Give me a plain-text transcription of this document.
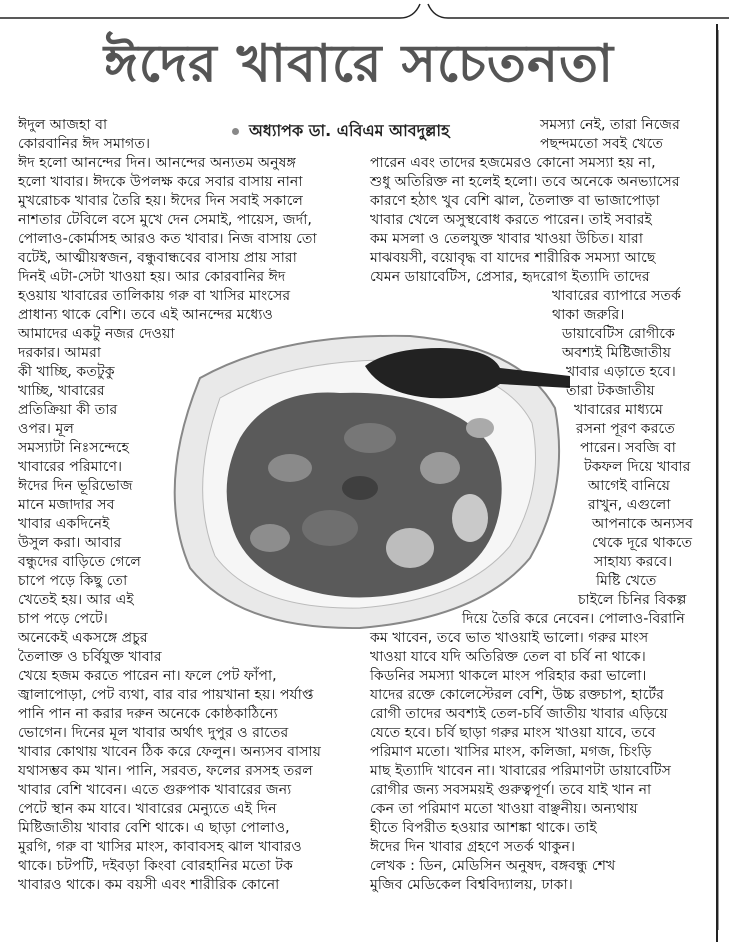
ঈদের খাবারে সচেতনতা
অধ্যাপক ডা. এবিএম আবদুল্লাহ
ঈদুল আজহা বা
কোরবানির ঈদ সমাগত।
ঈদ হলো আনন্দের দিন। আনন্দের অন্যতম অনুষঙ্গ
হলো খাবার। ঈদকে উপলক্ষ করে সবার বাসায় নানা
মুখরোচক খাবার তৈরি হয়। ঈদের দিন সবাই সকালে
নাশতার টেবিলে বসে মুখে দেন সেমাই, পায়েস, জর্দা,
পোলাও-কোর্মাসহ আরও কত খাবার। নিজ বাসায় তো
বটেই, আত্মীয়স্বজন, বন্ধুবান্ধবের বাসায় প্রায় সারা
দিনই এটা-সেটা খাওয়া হয়। আর কোরবানির ঈদ
হওয়ায় খাবারের তালিকায় গরু বা খাসির মাংসের
প্রাধান্য থাকে বেশি। তবে এই আনন্দের মধ্যেও
আমাদের একটু নজর দেওয়া
দরকার। আমরা
কী খাচ্ছি, কতটুকু
খাচ্ছি, খাবারের
প্রতিক্রিয়া কী তার
ওপর। মূল
সমস্যাটা নিঃসন্দেহে
খাবারের পরিমাণে।
ঈদের দিন ভূরিভোজ
মানে মজাদার সব
খাবার একদিনেই
উসুল করা। আবার
বন্ধুদের বাড়িতে গেলে
চাপে পড়ে কিছু তো
খেতেই হয়। আর এই
চাপ পড়ে পেটে।
অনেকেই একসঙ্গে প্রচুর
তৈলাক্ত ও চর্বিযুক্ত খাবার
খেয়ে হজম করতে পারেন না। ফলে পেট ফাঁপা,
জ্বালাপোড়া, পেট ব্যথা, বার বার পায়খানা হয়। পর্যাপ্ত
পানি পান না করার দরুন অনেকে কোষ্ঠকাঠিন্যে
ভোগেন। দিনের মূল খাবার অর্থাৎ দুপুর ও রাতের
খাবার কোথায় খাবেন ঠিক করে ফেলুন। অন্যসব বাসায়
যথাসম্ভব কম খান। পানি, সরবত, ফলের রসসহ তরল
খাবার বেশি খাবেন। এতে গুরুপাক খাবারের জন্য
পেটে স্থান কম যাবে। খাবারের মেন্যুতে এই দিন
মিষ্টিজাতীয় খাবার বেশি থাকে। এ ছাড়া পোলাও,
মুরগি, গরু বা খাসির মাংস, কাবাবসহ ঝাল খাবারও
থাকে। চটপটি, দইবড়া কিংবা বোরহানির মতো টক
খাবারও থাকে। কম বয়সী এবং শারীরিক কোনো
সমস্যা নেই, তারা নিজের
পছন্দমতো সবই খেতে
পারেন এবং তাদের হজমেরও কোনো সমস্যা হয় না,
শুধু অতিরিক্ত না হলেই হলো। তবে অনেকে অনভ্যাসের
কারণে হঠাৎ খুব বেশি ঝাল, তৈলাক্ত বা ভাজাপোড়া
খাবার খেলে অসুস্থবোধ করতে পারেন। তাই সবারই
কম মসলা ও তেলযুক্ত খাবার খাওয়া উচিত। যারা
মাঝবয়সী, বয়োবৃদ্ধ বা যাদের শারীরিক সমস্যা আছে
যেমন ডায়াবেটিস, প্রেসার, হৃদরোগ ইত্যাদি তাদের
খাবারের ব্যাপারে সতর্ক
থাকা জরুরি।
ডায়াবেটিস রোগীকে
অবশ্যই মিষ্টিজাতীয়
খাবার এড়াতে হবে।
তারা টকজাতীয়
খাবারের মাধ্যমে
রসনা পূরণ করতে
পারেন। সবজি বা
টকফল দিয়ে খাবার
আগেই বানিয়ে
রাখুন, এগুলো
আপনাকে অন্যসব
থেকে দূরে থাকতে
সাহায্য করবে।
মিষ্টি খেতে
চাইলে চিনির বিকল্প
দিয়ে তৈরি করে নেবেন। পোলাও-বিরানি
কম খাবেন, তবে ভাত খাওয়াই ভালো। গরুর মাংস
খাওয়া যাবে যদি অতিরিক্ত তেল বা চর্বি না থাকে।
কিডনির সমস্যা থাকলে মাংস পরিহার করা ভালো।
যাদের রক্তে কোলেস্টেরল বেশি, উচ্চ রক্তচাপ, হার্টের
রোগী তাদের অবশ্যই তেল-চর্বি জাতীয় খাবার এড়িয়ে
যেতে হবে। চর্বি ছাড়া গরুর মাংস খাওয়া যাবে, তবে
পরিমাণ মতো। খাসির মাংস, কলিজা, মগজ, চিংড়ি
মাছ ইত্যাদি খাবেন না। খাবারের পরিমাণটা ডায়াবেটিস
রোগীর জন্য সবসময়ই গুরুত্বপূর্ণ। তবে যাই খান না
কেন তা পরিমাণ মতো খাওয়া বাঞ্ছনীয়। অন্যথায়
হীতে বিপরীত হওয়ার আশঙ্কা থাকে। তাই
ঈদের দিন খাবার গ্রহণে সতর্ক থাকুন।
লেখক : ডিন, মেডিসিন অনুষদ, বঙ্গবন্ধু শেখ
মুজিব মেডিকেল বিশ্ববিদ্যালয়, ঢাকা।
